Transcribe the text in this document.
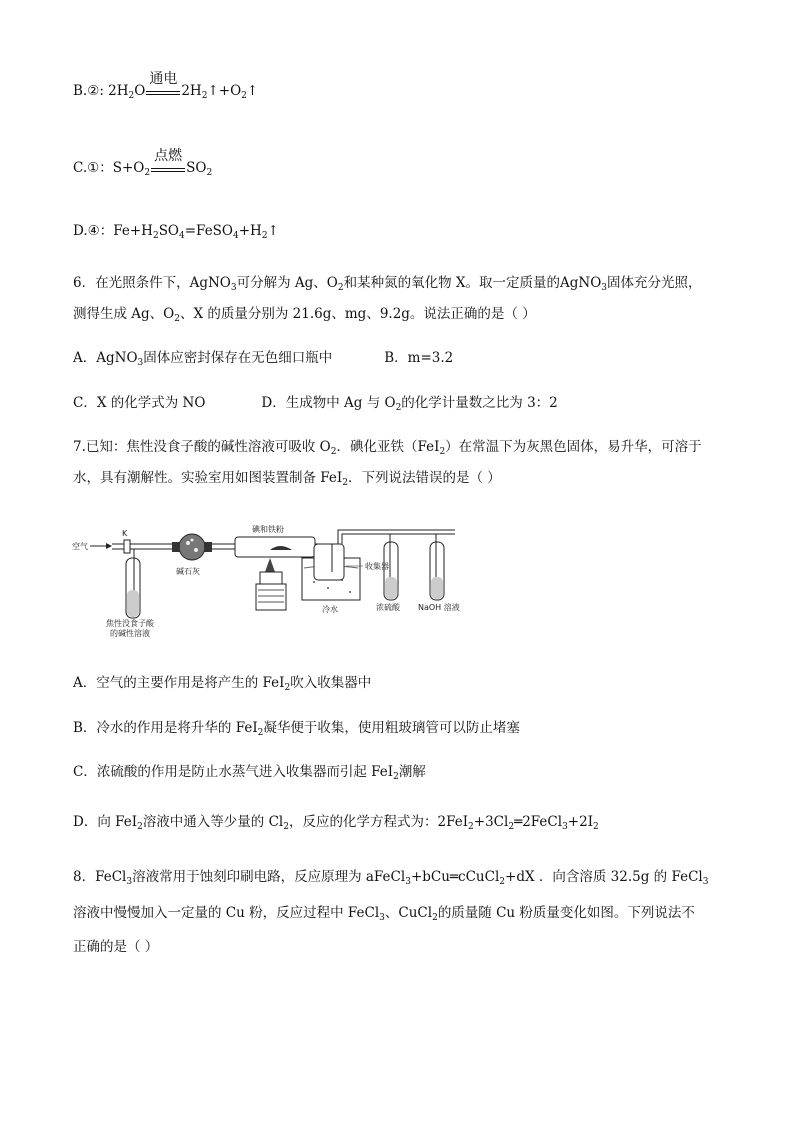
B.②: $2H_2O$
通电
$2H_2↑+O_2↑$
C.①：$S+O_2$
点燃
$SO_2$
D.④：$Fe+H_2SO_4=FeSO_4+H_2↑$
6．在光照条件下，AgNO$_3$可分解为 Ag、$O_2$和某种氮的氧化物 X。取一定质量的AgNO$_3$固体充分光照，
测得生成 Ag、$O_2$、X 的质量分别为 21.6g、mg、9.2g。说法正确的是（ ）
A．AgNO$_3$固体应密封保存在无色细口瓶中	B．m=3.2
C．X 的化学式为 NO	D．生成物中 Ag 与 $O_2$的化学计量数之比为 3：2
7.已知：焦性没食子酸的碱性溶液可吸收 $O_2$．碘化亚铁（FeI$_2$）在常温下为灰黑色固体，易升华，可溶于
水，具有潮解性。实验室用如图装置制备 FeI$_2$．下列说法错误的是（ ）
空气
K
焦性没食子酸
的碱性溶液
碱石灰
碘和铁粉
收集器
冷水	浓硫酸 NaOH 溶液
A．空气的主要作用是将产生的 FeI$_2$吹入收集器中
B．冷水的作用是将升华的 FeI$_2$凝华便于收集，使用粗玻璃管可以防止堵塞
C．浓硫酸的作用是防止水蒸气进入收集器而引起 FeI$_2$潮解
D．向 FeI$_2$溶液中通入等少量的 $Cl_2$，反应的化学方程式为：$2FeI_2+3Cl_2═2FeCl_3+2I_2$
8．FeCl$_3$溶液常用于蚀刻印刷电路，反应原理为 aFeCl$_3$+bCu═cCuCl$_2$+dX ．向含溶质 32.5g 的 FeCl$_3$
溶液中慢慢加入一定量的 Cu 粉，反应过程中 FeCl$_3$、CuCl$_2$的质量随 Cu 粉质量变化如图。下列说法不
正确的是（ ）
